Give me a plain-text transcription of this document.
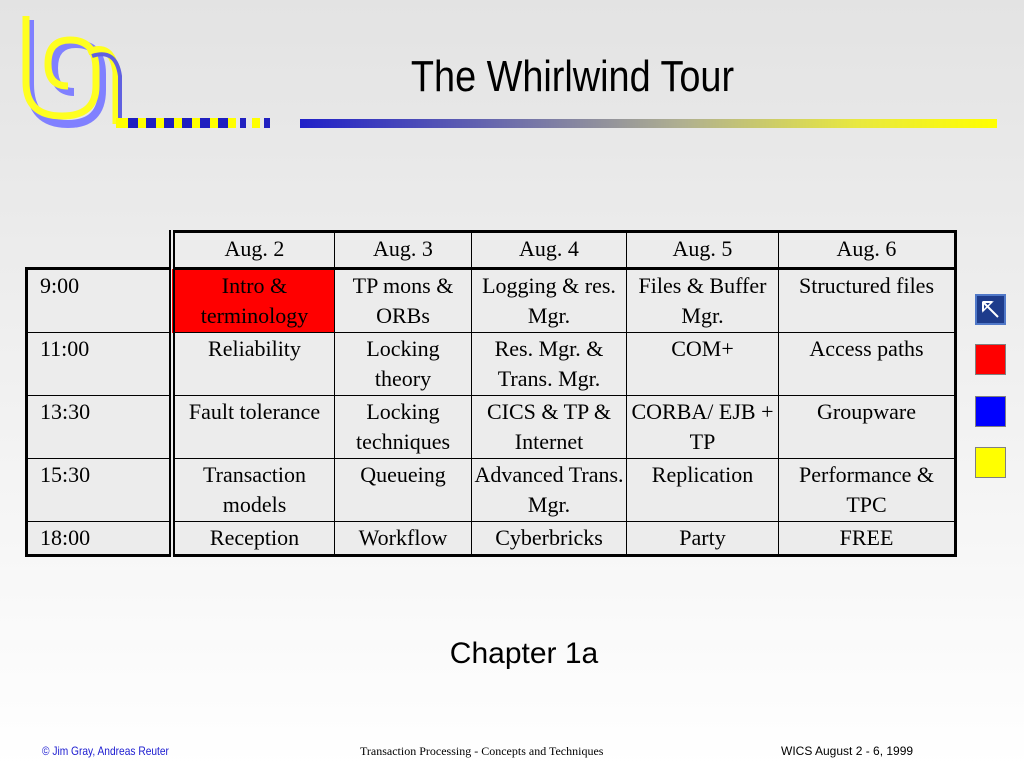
The Whirlwind Tour
	Aug. 2	Aug. 3	Aug. 4	Aug. 5	Aug. 6
9:00	Intro & terminology	TP mons & ORBs	Logging & res. Mgr.	Files & Buffer Mgr.	Structured files
11:00	Reliability	Locking theory	Res. Mgr. & Trans. Mgr.	COM+	Access paths
13:30	Fault tolerance	Locking techniques	CICS & TP & Internet	CORBA/ EJB + TP	Groupware
15:30	Transaction models	Queueing	Advanced Trans. Mgr.	Replication	Performance & TPC
18:00	Reception	Workflow	Cyberbricks	Party	FREE
Chapter 1a
© Jim Gray, Andreas Reuter	Transaction Processing - Concepts and Techniques	WICS August 2 - 6, 1999
